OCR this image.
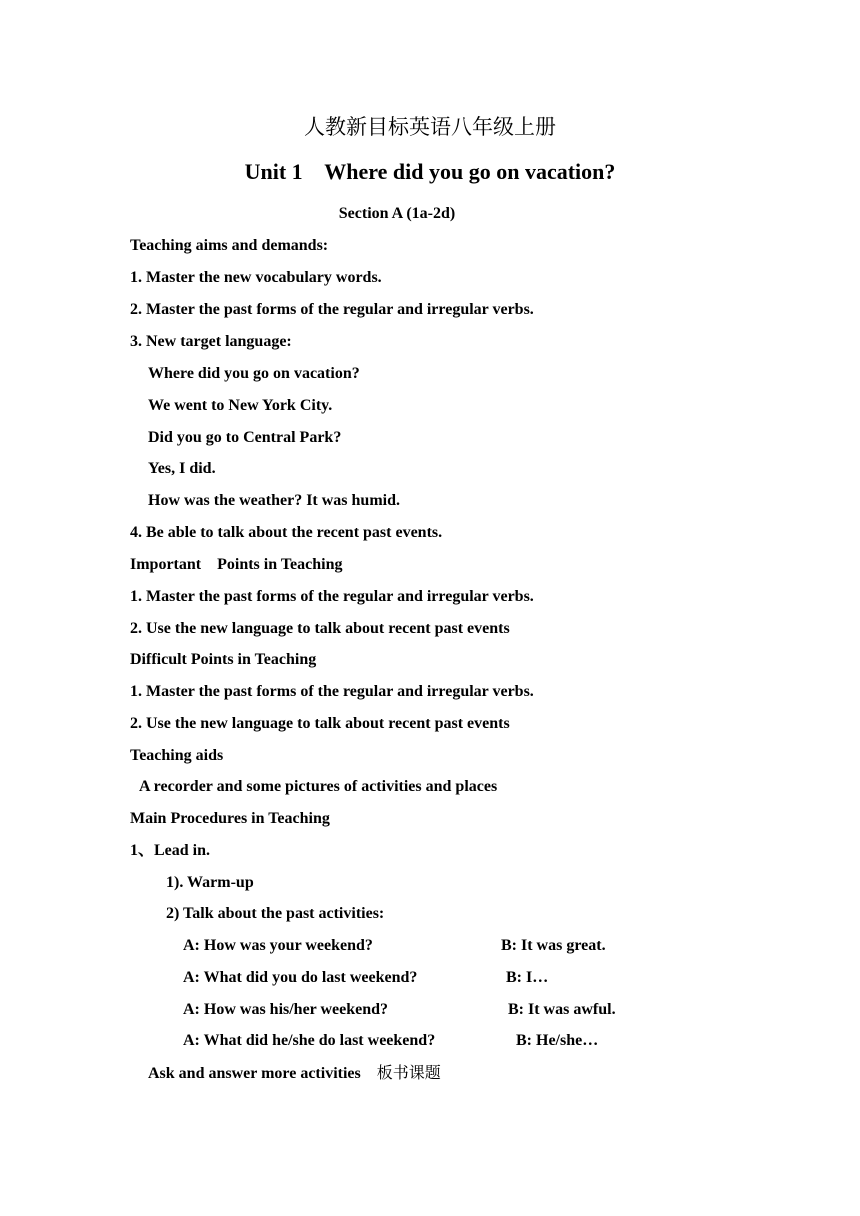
人教新目标英语八年级上册
Unit 1    Where did you go on vacation?
Section A (1a-2d)
Teaching aims and demands:
1. Master the new vocabulary words.
2. Master the past forms of the regular and irregular verbs.
3. New target language:
Where did you go on vacation?
We went to New York City.
Did you go to Central Park?
Yes, I did.
How was the weather? It was humid.
4. Be able to talk about the recent past events.
Important    Points in Teaching
1. Master the past forms of the regular and irregular verbs.
2. Use the new language to talk about recent past events
Difficult Points in Teaching
1. Master the past forms of the regular and irregular verbs.
2. Use the new language to talk about recent past events
Teaching aids
A recorder and some pictures of activities and places
Main Procedures in Teaching
1、Lead in.
1). Warm-up
2) Talk about the past activities:
A: How was your weekend?	B: It was great.
A: What did you do last weekend?	B: I…
A: How was his/her weekend?	B: It was awful.
A: What did he/she do last weekend?	B: He/she…
Ask and answer more activities 板书课题
